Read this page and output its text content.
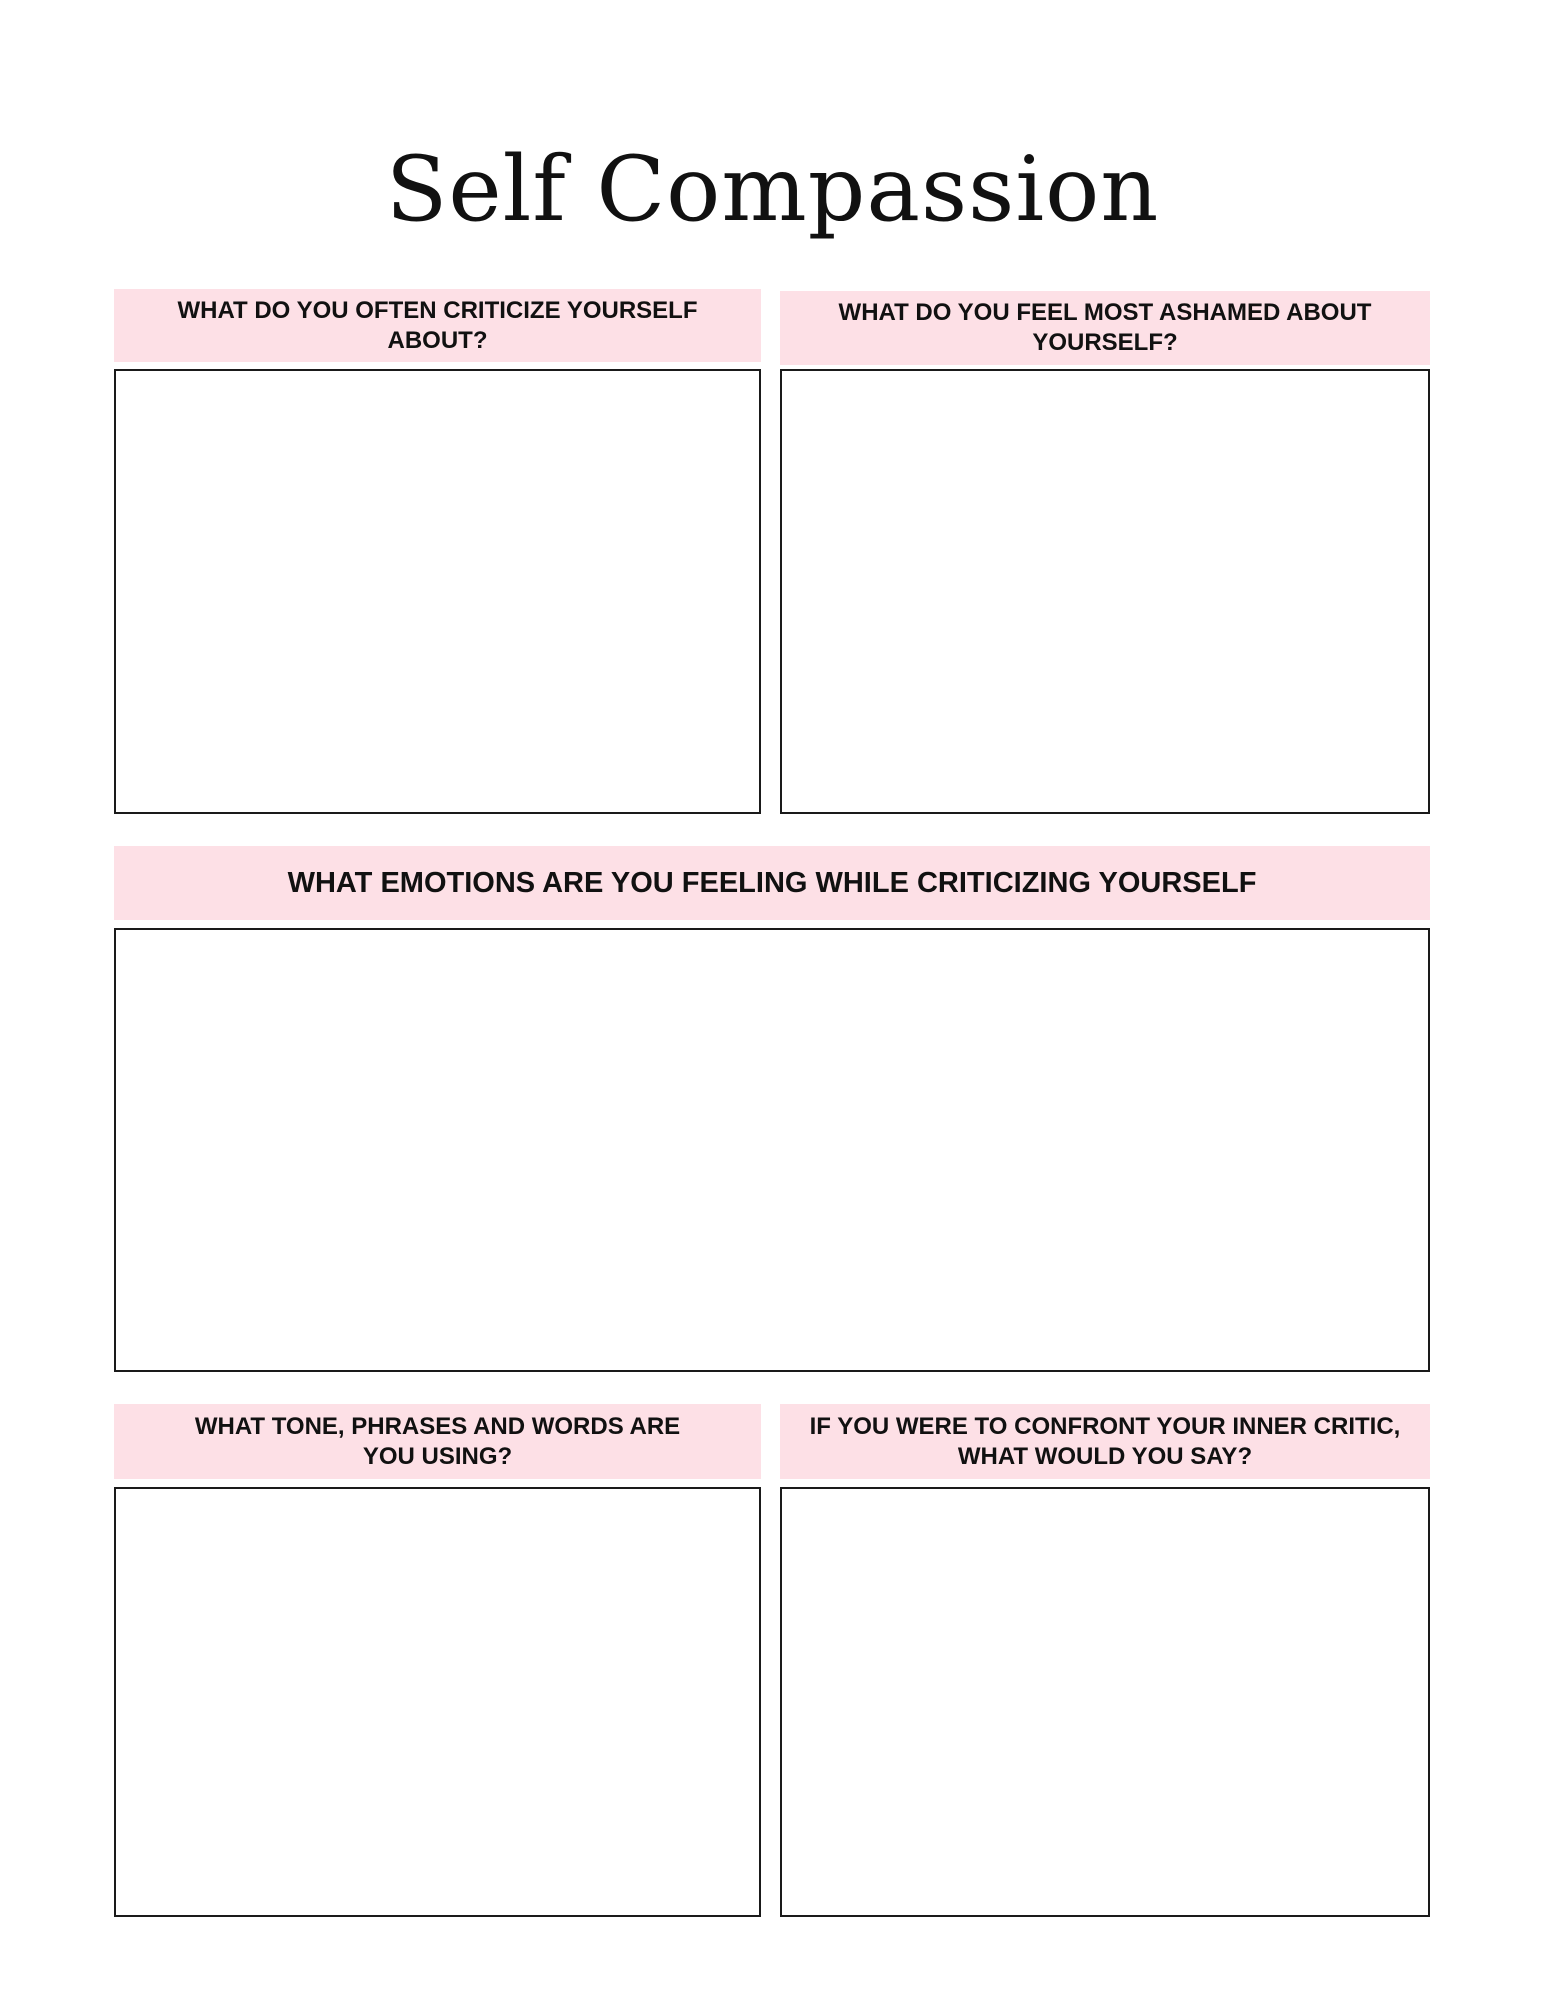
Self Compassion
WHAT DO YOU OFTEN CRITICIZE YOURSELF ABOUT?
WHAT DO YOU FEEL MOST ASHAMED ABOUT YOURSELF?
WHAT EMOTIONS ARE YOU FEELING WHILE CRITICIZING YOURSELF
WHAT TONE, PHRASES AND WORDS ARE YOU USING?
IF YOU WERE TO CONFRONT YOUR INNER CRITIC, WHAT WOULD YOU SAY?
